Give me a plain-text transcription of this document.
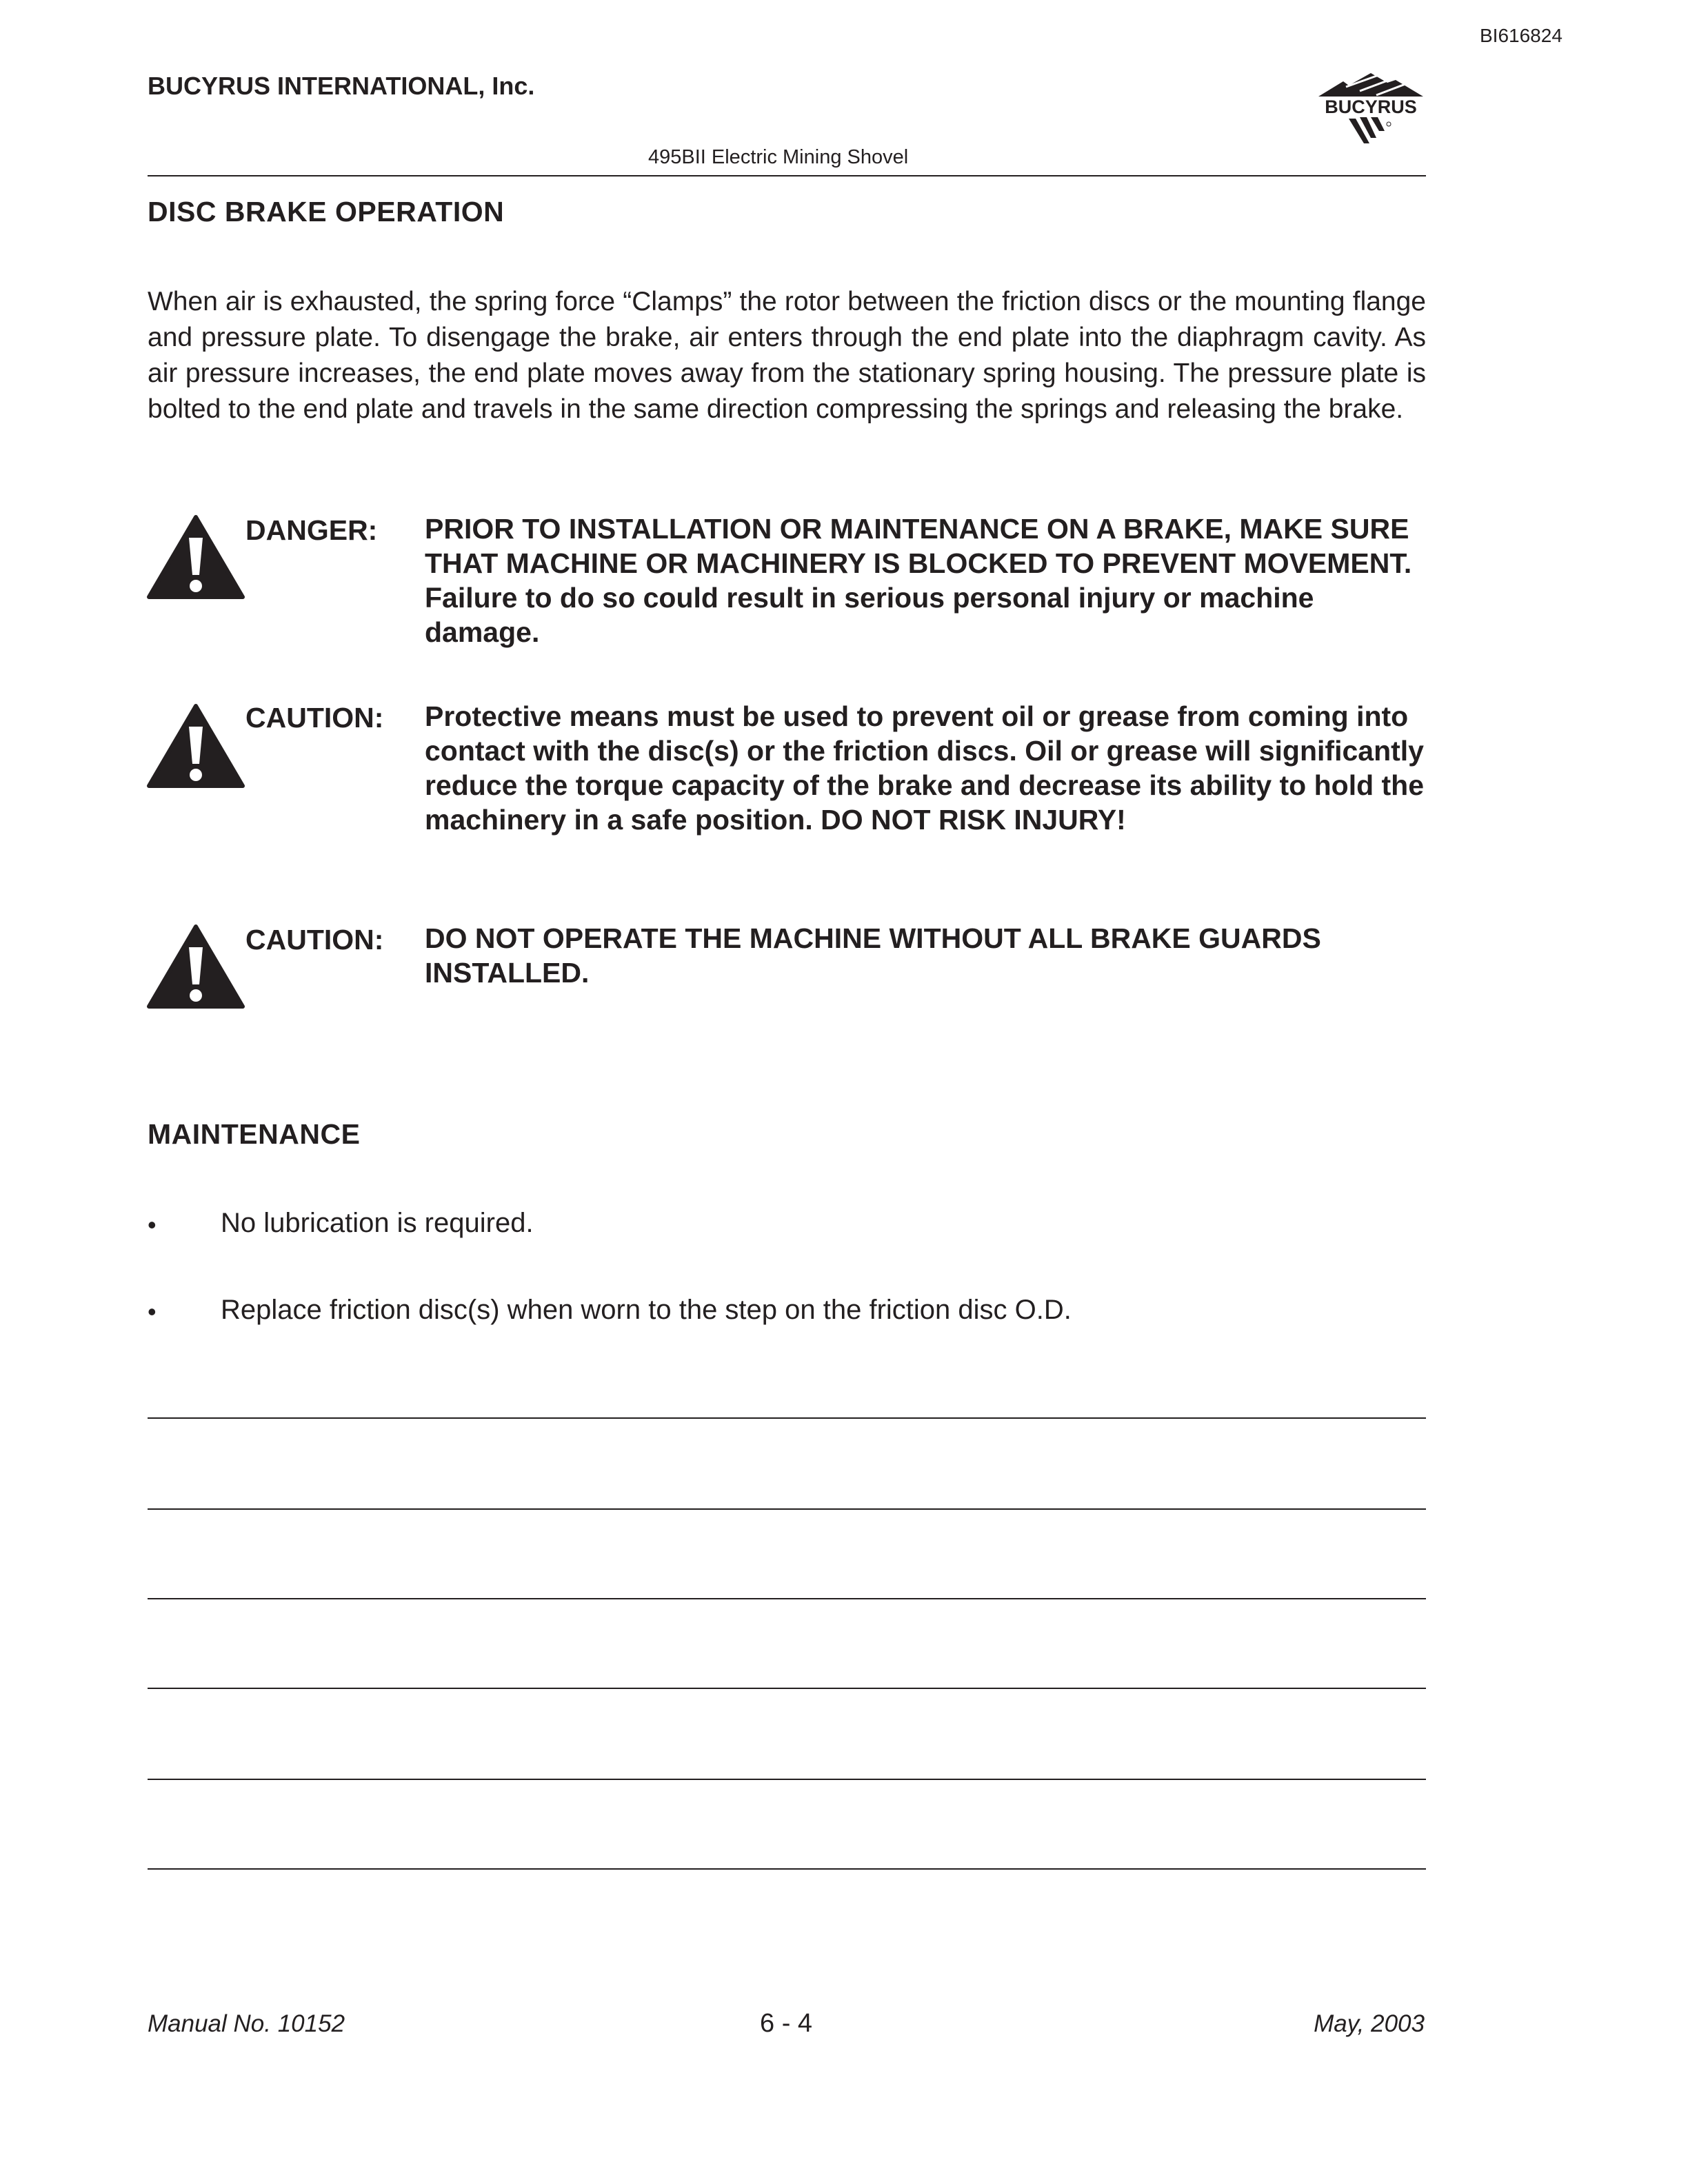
BI616824
BUCYRUS INTERNATIONAL, Inc.
495BII Electric Mining Shovel
BUCYRUS
DISC BRAKE OPERATION

When air is exhausted, the spring force “Clamps” the rotor between the friction discs or the mounting flange and pressure plate. To disengage the brake, air enters through the end plate into the diaphragm cavity. As air pressure increases, the end plate moves away from the stationary spring housing. The pressure plate is bolted to the end plate and travels in the same direction compressing the springs and releasing the brake.

DANGER: PRIOR TO INSTALLATION OR MAINTENANCE ON A BRAKE, MAKE SURE THAT MACHINE OR MACHINERY IS BLOCKED TO PREVENT MOVEMENT. Failure to do so could result in serious personal injury or machine damage.

CAUTION: Protective means must be used to prevent oil or grease from coming into contact with the disc(s) or the friction discs. Oil or grease will significantly reduce the torque capacity of the brake and decrease its ability to hold the machinery in a safe position. DO NOT RISK INJURY!

CAUTION: DO NOT OPERATE THE MACHINE WITHOUT ALL BRAKE GUARDS INSTALLED.

MAINTENANCE
• No lubrication is required.
• Replace friction disc(s) when worn to the step on the friction disc O.D.
Manual No. 10152	6 - 4	May, 2003
